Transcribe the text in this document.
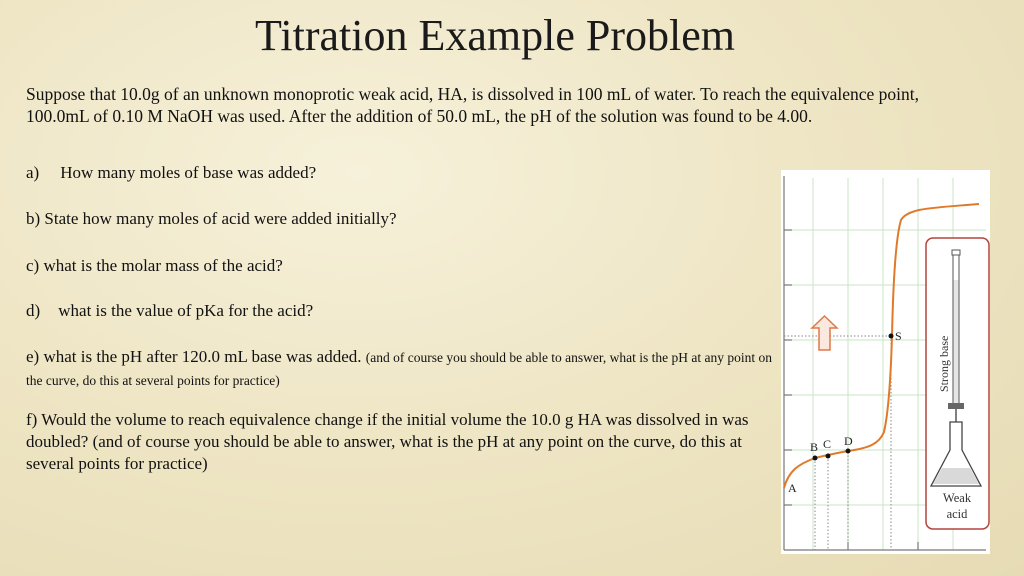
Titration Example Problem
Suppose that 10.0g of an unknown monoprotic weak acid, HA, is dissolved in 100 mL of water. To reach the equivalence point, 100.0mL of 0.10 M NaOH was used. After the addition of 50.0 mL, the pH of the solution was found to be 4.00.
a) How many moles of base was added?
b) State how many moles of acid were added initially?
c) what is the molar mass of the acid?
d) what is the value of pKa for the acid?
e) what is the pH after 120.0 mL base was added. (and of course you should be able to answer, what is the pH at any point on the curve, do this at several points for practice)
f) Would the volume to reach equivalence change if the initial volume the 10.0 g HA was dissolved in was doubled? (and of course you should be able to answer, what is the pH at any point on the curve, do this at several points for practice)
A
B C D
S	Strong base
Weak
acid
